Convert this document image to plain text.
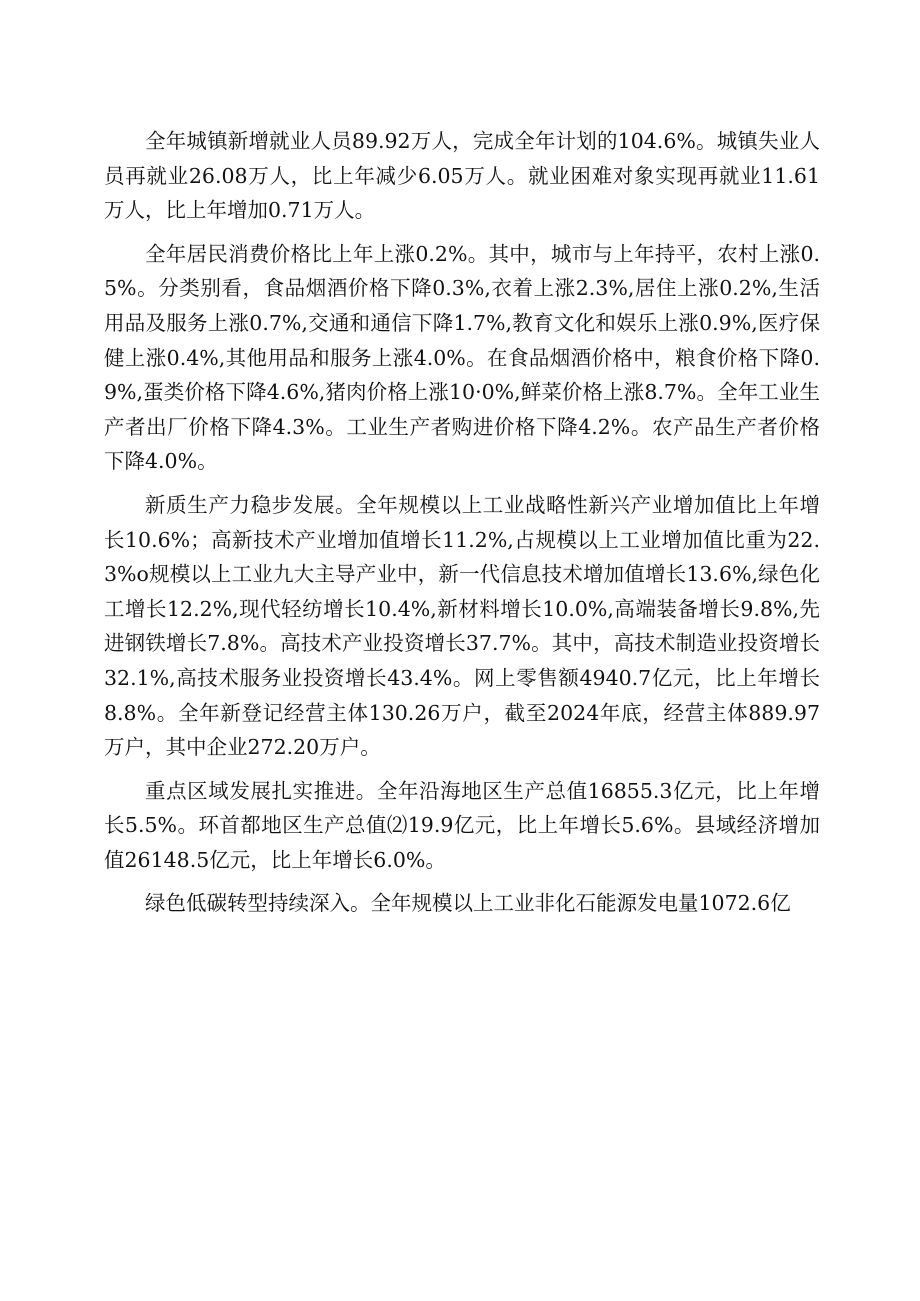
全年城镇新增就业人员89.92万人，完成全年计划的104.6%。城镇失业人员再就业26.08万人，比上年减少6.05万人。就业困难对象实现再就业11.61万人，比上年增加0.71万人。

全年居民消费价格比上年上涨0.2%。其中，城市与上年持平，农村上涨0.5%。分类别看，食品烟酒价格下降0.3%,衣着上涨2.3%,居住上涨0.2%,生活用品及服务上涨0.7%,交通和通信下降1.7%,教育文化和娱乐上涨0.9%,医疗保健上涨0.4%,其他用品和服务上涨4.0%。在食品烟酒价格中，粮食价格下降0.9%,蛋类价格下降4.6%,猪肉价格上涨10·0%,鲜菜价格上涨8.7%。全年工业生产者出厂价格下降4.3%。工业生产者购进价格下降4.2%。农产品生产者价格下降4.0%。

新质生产力稳步发展。全年规模以上工业战略性新兴产业增加值比上年增长10.6%；高新技术产业增加值增长11.2%,占规模以上工业增加值比重为22.3%o规模以上工业九大主导产业中，新一代信息技术增加值增长13.6%,绿色化工增长12.2%,现代轻纺增长10.4%,新材料增长10.0%,高端装备增长9.8%,先进钢铁增长7.8%。高技术产业投资增长37.7%。其中，高技术制造业投资增长32.1%,高技术服务业投资增长43.4%。网上零售额4940.7亿元，比上年增长8.8%。全年新登记经营主体130.26万户，截至2024年底，经营主体889.97万户，其中企业272.20万户。

重点区域发展扎实推进。全年沿海地区生产总值16855.3亿元，比上年增长5.5%。环首都地区生产总值⑵19.9亿元，比上年增长5.6%。县域经济增加值26148.5亿元，比上年增长6.0%。

绿色低碳转型持续深入。全年规模以上工业非化石能源发电量1072.6亿
